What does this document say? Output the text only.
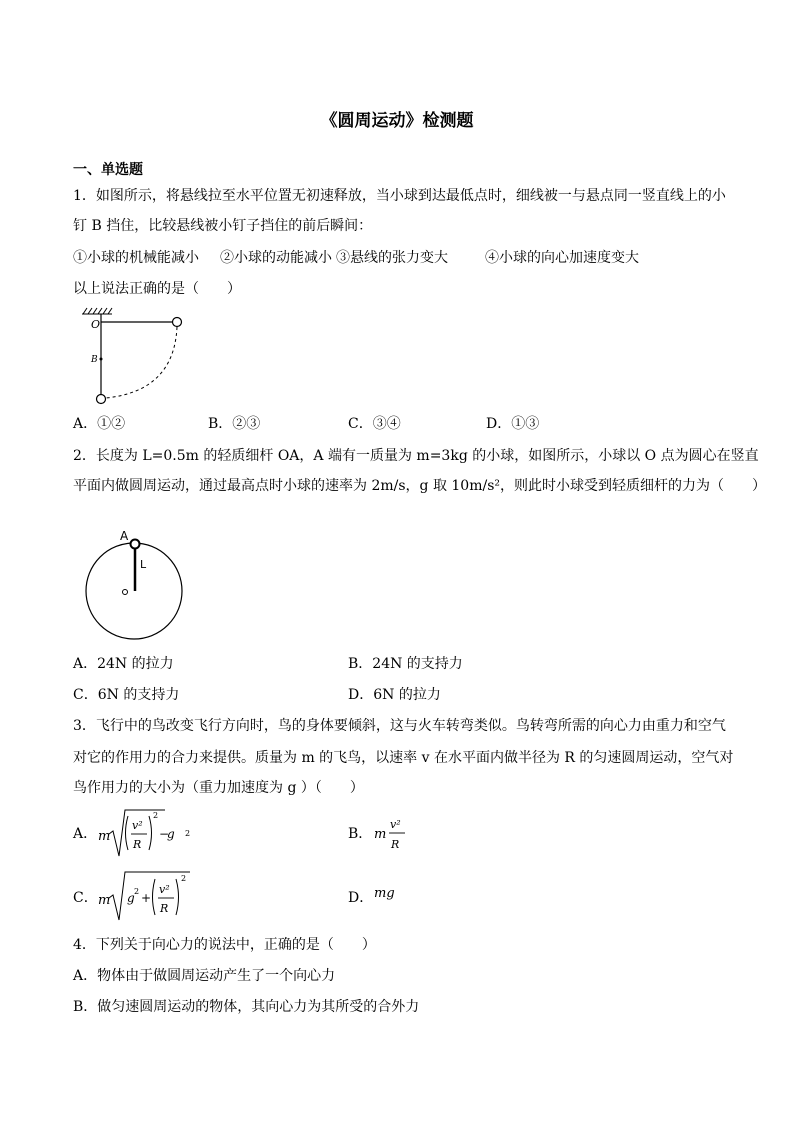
《圆周运动》检测题
一、单选题
1．如图所示，将悬线拉至水平位置无初速释放，当小球到达最低点时，细线被一与悬点同一竖直线上的小
钉 B 挡住，比较悬线被小钉子挡住的前后瞬间：
①小球的机械能减小 ②小球的动能减小 ③悬线的张力变大	④小球的向心加速度变大
以上说法正确的是（　　）
O
B
A．①②	B．②③	C．③④	D．①③
2．长度为 L=0.5m 的轻质细杆 OA，A 端有一质量为 m=3kg 的小球，如图所示，小球以 O 点为圆心在竖直
平面内做圆周运动，通过最高点时小球的速率为 2m/s，g 取 10m/s²，则此时小球受到轻质细杆的力为（　　）
A
L
A．24N 的拉力	B．24N 的支持力
C．6N 的支持力	D．6N 的拉力
3．飞行中的鸟改变飞行方向时，鸟的身体要倾斜，这与火车转弯类似。鸟转弯所需的向心力由重力和空气
对它的作用力的合力来提供。质量为 m 的飞鸟，以速率 v 在水平面内做半径为 R 的匀速圆周运动，空气对
鸟作用力的大小为（重力加速度为 g ）（　　）
A． m
v²
R
2
−
g 2	B． m
v²
R
C． m g 2 +
v²
R
2
D． mg
4．下列关于向心力的说法中，正确的是（　　）
A．物体由于做圆周运动产生了一个向心力
B．做匀速圆周运动的物体，其向心力为其所受的合外力
